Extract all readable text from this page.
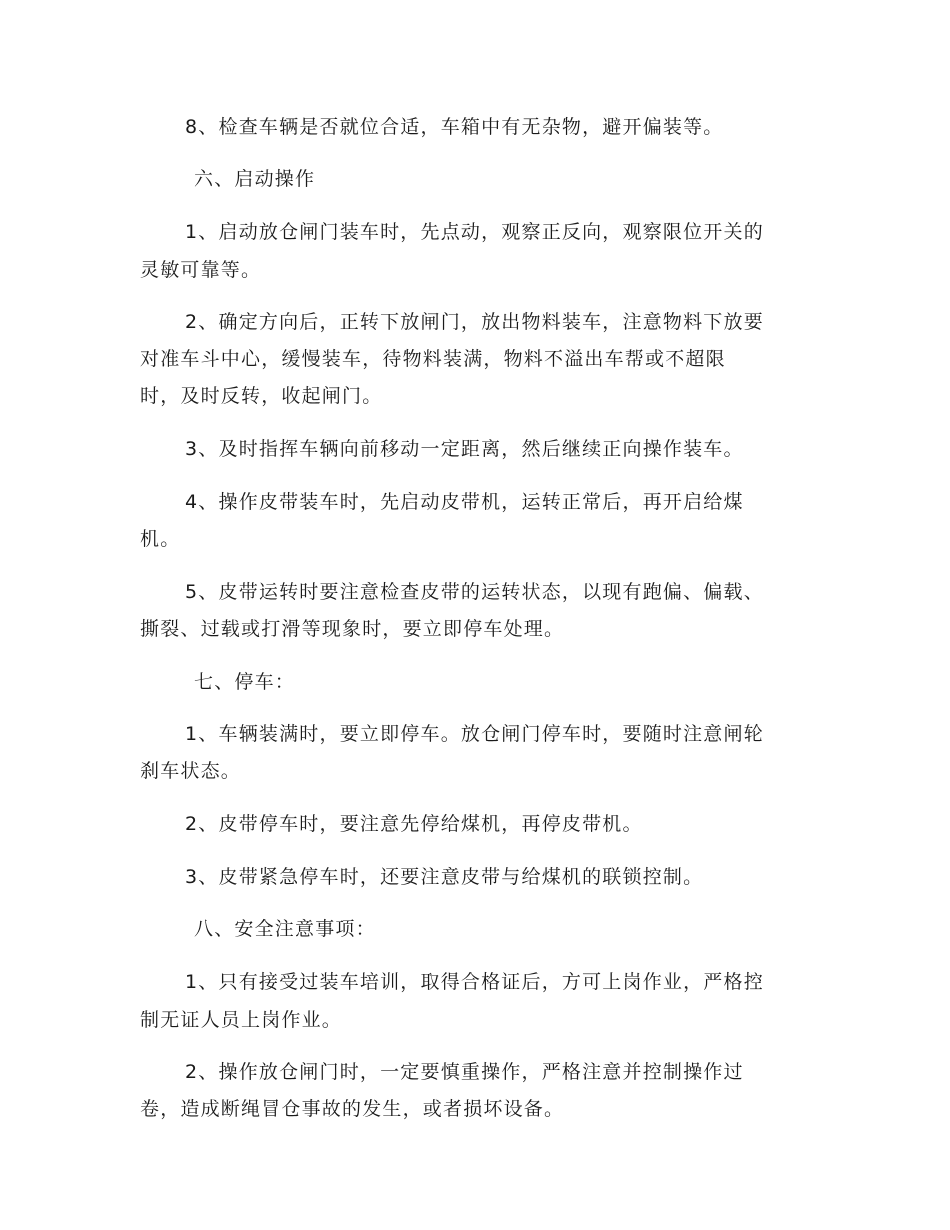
8、检查车辆是否就位合适，车箱中有无杂物，避开偏装等。
六、启动操作
1、启动放仓闸门装车时，先点动，观察正反向，观察限位开关的
灵敏可靠等。
2、确定方向后，正转下放闸门，放出物料装车，注意物料下放要
对准车斗中心，缓慢装车，待物料装满，物料不溢出车帮或不超限
时，及时反转，收起闸门。
3、及时指挥车辆向前移动一定距离，然后继续正向操作装车。
4、操作皮带装车时，先启动皮带机，运转正常后，再开启给煤
机。
5、皮带运转时要注意检查皮带的运转状态，以现有跑偏、偏载、
撕裂、过载或打滑等现象时，要立即停车处理。
七、停车：
1、车辆装满时，要立即停车。放仓闸门停车时，要随时注意闸轮
刹车状态。
2、皮带停车时，要注意先停给煤机，再停皮带机。
3、皮带紧急停车时，还要注意皮带与给煤机的联锁控制。
八、安全注意事项：
1、只有接受过装车培训，取得合格证后，方可上岗作业，严格控
制无证人员上岗作业。
2、操作放仓闸门时，一定要慎重操作，严格注意并控制操作过
卷，造成断绳冒仓事故的发生，或者损坏设备。
